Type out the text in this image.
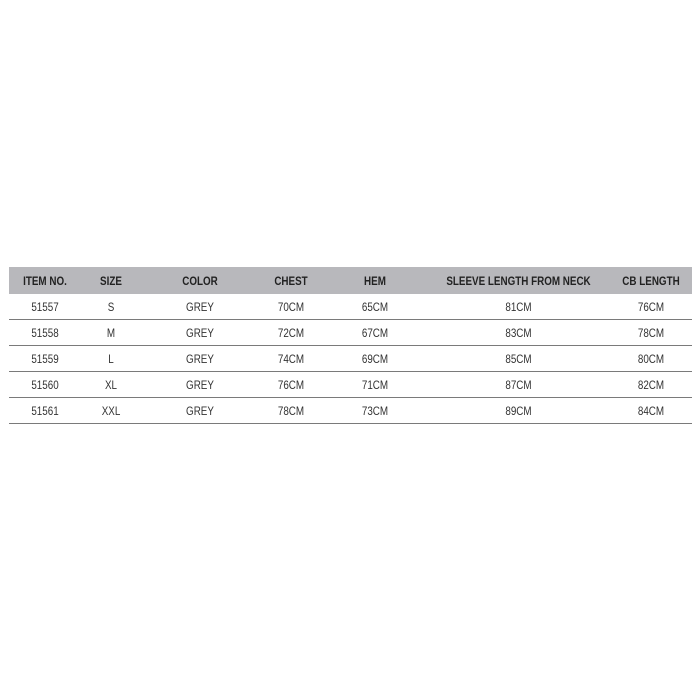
ITEM NO.	SIZE	COLOR	CHEST	HEM	SLEEVE LENGTH FROM NECK	CB LENGTH
51557	S	GREY	70CM	65CM	81CM	76CM
51558	M	GREY	72CM	67CM	83CM	78CM
51559	L	GREY	74CM	69CM	85CM	80CM
51560	XL	GREY	76CM	71CM	87CM	82CM
51561	XXL	GREY	78CM	73CM	89CM	84CM
